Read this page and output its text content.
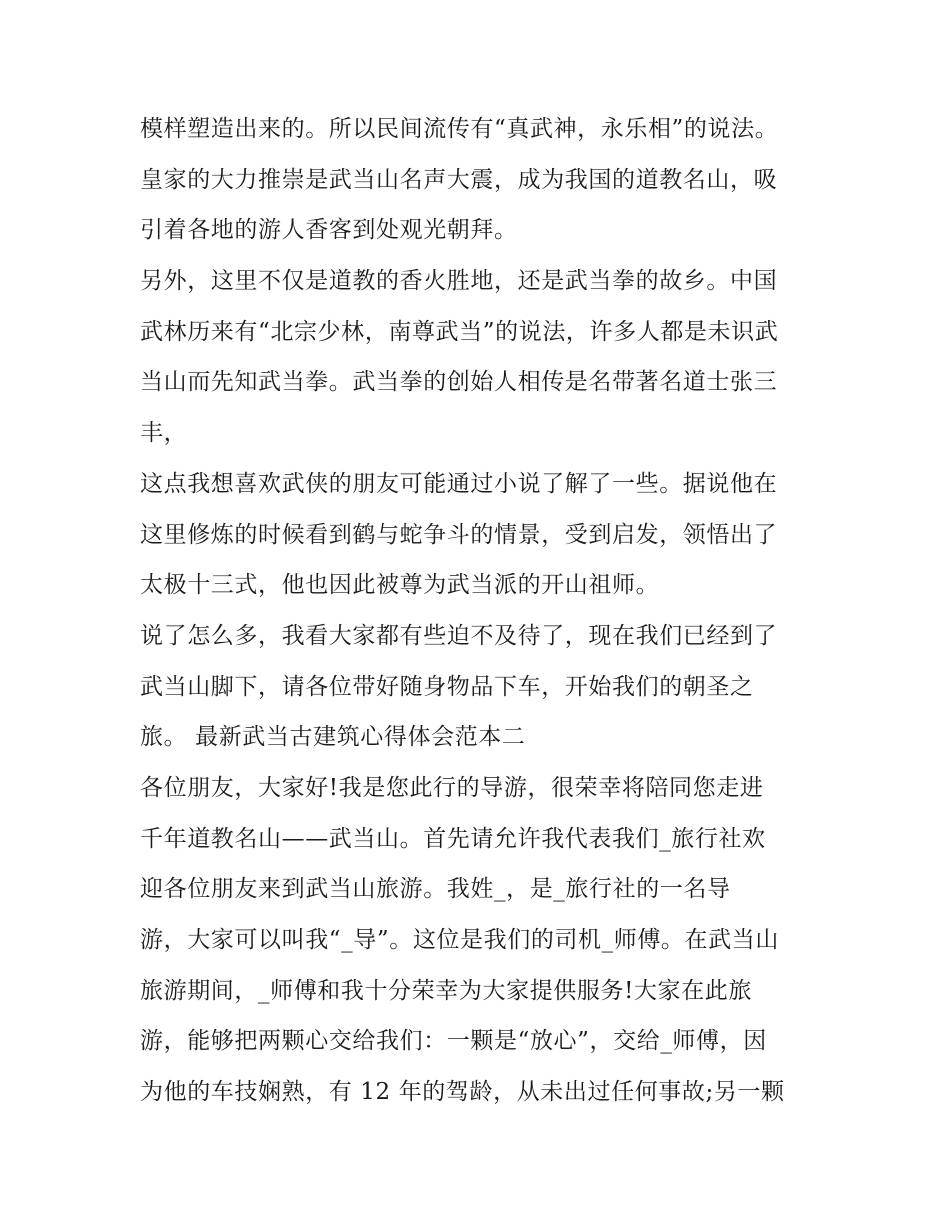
模样塑造出来的。所以民间流传有“真武神，永乐相”的说法。
皇家的大力推崇是武当山名声大震，成为我国的道教名山，吸
引着各地的游人香客到处观光朝拜。
另外，这里不仅是道教的香火胜地，还是武当拳的故乡。中国
武林历来有“北宗少林，南尊武当”的说法，许多人都是未识武
当山而先知武当拳。武当拳的创始人相传是名带著名道士张三
丰，
这点我想喜欢武侠的朋友可能通过小说了解了一些。据说他在
这里修炼的时候看到鹤与蛇争斗的情景，受到启发，领悟出了
太极十三式，他也因此被尊为武当派的开山祖师。
说了怎么多，我看大家都有些迫不及待了，现在我们已经到了
武当山脚下，请各位带好随身物品下车，开始我们的朝圣之
旅。 最新武当古建筑心得体会范本二
各位朋友，大家好!我是您此行的导游，很荣幸将陪同您走进
千年道教名山——武当山。首先请允许我代表我们_旅行社欢
迎各位朋友来到武当山旅游。我姓_，是_旅行社的一名导
游，大家可以叫我“_导”。这位是我们的司机_师傅。在武当山
旅游期间，_师傅和我十分荣幸为大家提供服务!大家在此旅
游，能够把两颗心交给我们：一颗是“放心”，交给_师傅，因
为他的车技娴熟，有 12 年的驾龄，从未出过任何事故;另一颗
